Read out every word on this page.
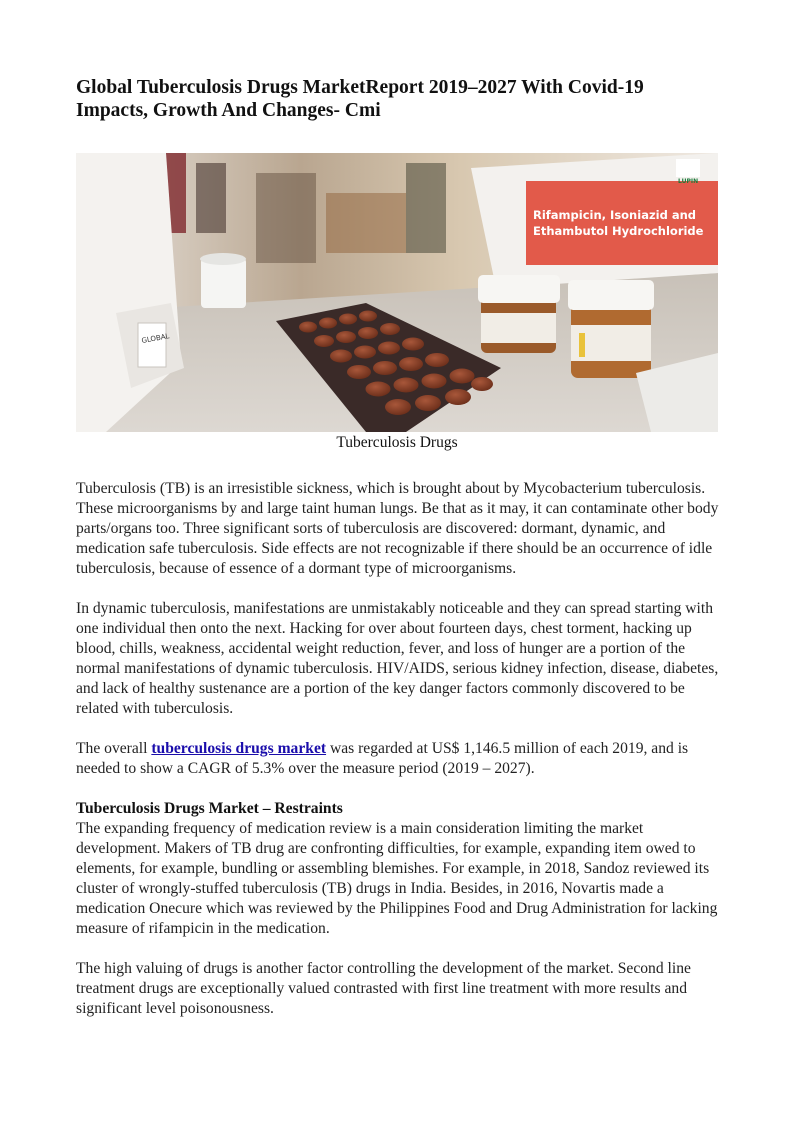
Global Tuberculosis Drugs MarketReport 2019–2027 With Covid-19 Impacts, Growth And Changes- Cmi
GLOBAL
Rifampicin, Isoniazid and
Ethambutol Hydrochloride
LUPIN
Tuberculosis Drugs

Tuberculosis (TB) is an irresistible sickness, which is brought about by Mycobacterium tuberculosis. These microorganisms by and large taint human lungs. Be that as it may, it can contaminate other body parts/organs too. Three significant sorts of tuberculosis are discovered: dormant, dynamic, and medication safe tuberculosis. Side effects are not recognizable if there should be an occurrence of idle tuberculosis, because of essence of a dormant type of microorganisms.

In dynamic tuberculosis, manifestations are unmistakably noticeable and they can spread starting with one individual then onto the next. Hacking for over about fourteen days, chest torment, hacking up blood, chills, weakness, accidental weight reduction, fever, and loss of hunger are a portion of the normal manifestations of dynamic tuberculosis. HIV/AIDS, serious kidney infection, disease, diabetes, and lack of healthy sustenance are a portion of the key danger factors commonly discovered to be related with tuberculosis.

The overall tuberculosis drugs market was regarded at US$ 1,146.5 million of each 2019, and is needed to show a CAGR of 5.3% over the measure period (2019 – 2027).

Tuberculosis Drugs Market – Restraints

The expanding frequency of medication review is a main consideration limiting the market development. Makers of TB drug are confronting difficulties, for example, expanding item owed to elements, for example, bundling or assembling blemishes. For example, in 2018, Sandoz reviewed its cluster of wrongly-stuffed tuberculosis (TB) drugs in India. Besides, in 2016, Novartis made a medication Onecure which was reviewed by the Philippines Food and Drug Administration for lacking measure of rifampicin in the medication.

The high valuing of drugs is another factor controlling the development of the market. Second line treatment drugs are exceptionally valued contrasted with first line treatment with more results and significant level poisonousness.
